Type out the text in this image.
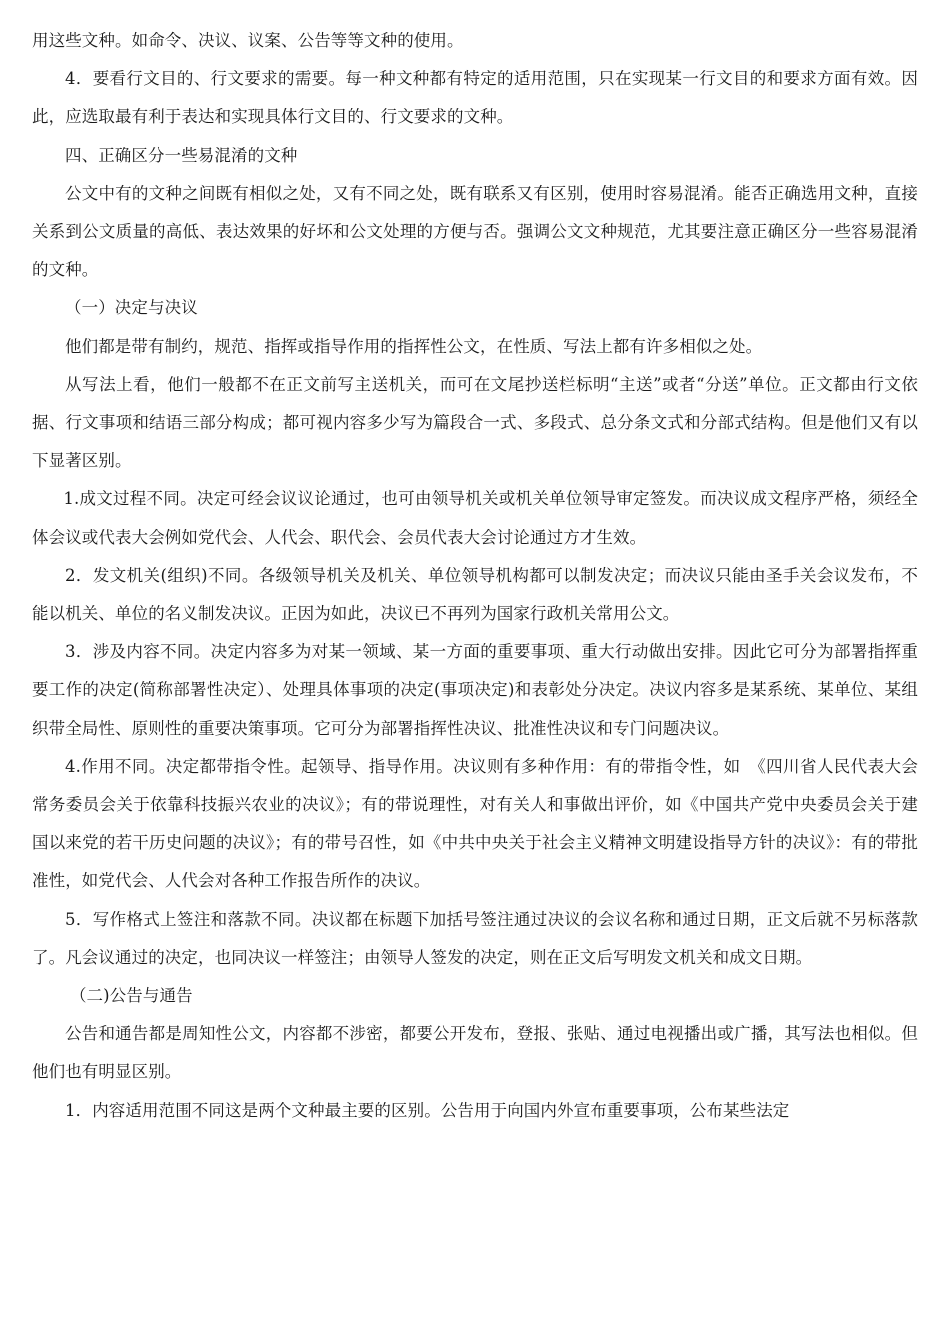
用这些文种。如命令、决议、议案、公告等等文种的使用。

4．要看行文目的、行文要求的需要。每一种文种都有特定的适用范围，只在实现某一行文目的和要求方面有效。因此，应选取最有利于表达和实现具体行文目的、行文要求的文种。

四、正确区分一些易混淆的文种

公文中有的文种之间既有相似之处，又有不同之处，既有联系又有区别，使用时容易混淆。能否正确选用文种，直接关系到公文质量的高低、表达效果的好坏和公文处理的方便与否。强调公文文种规范，尤其要注意正确区分一些容易混淆的文种。

（一）决定与决议

他们都是带有制约，规范、指挥或指导作用的指挥性公文，在性质、写法上都有许多相似之处。

从写法上看，他们一般都不在正文前写主送机关，而可在文尾抄送栏标明“主送”或者“分送”单位。正文都由行文依据、行文事项和结语三部分构成；都可视内容多少写为篇段合一式、多段式、总分条文式和分部式结构。但是他们又有以下显著区别。

1.成文过程不同。决定可经会议议论通过，也可由领导机关或机关单位领导审定签发。而决议成文程序严格，须经全体会议或代表大会例如党代会、人代会、职代会、会员代表大会讨论通过方才生效。

2．发文机关(组织)不同。各级领导机关及机关、单位领导机构都可以制发决定；而决议只能由圣手关会议发布，不能以机关、单位的名义制发决议。正因为如此，决议已不再列为国家行政机关常用公文。

3．涉及内容不同。决定内容多为对某一领域、某一方面的重要事项、重大行动做出安排。因此它可分为部署指挥重要工作的决定(简称部署性决定）、处理具体事项的决定(事项决定)和表彰处分决定。决议内容多是某系统、某单位、某组织带全局性、原则性的重要决策事项。它可分为部署指挥性决议、批准性决议和专门问题决议。

4.作用不同。决定都带指令性。起领导、指导作用。决议则有多种作用：有的带指令性，如　《四川省人民代表大会常务委员会关于依靠科技振兴农业的决议》；有的带说理性，对有关人和事做出评价，如《中国共产党中央委员会关于建国以来党的若干历史问题的决议》；有的带号召性，如《中共中央关于社会主义精神文明建设指导方针的决议》：有的带批准性，如党代会、人代会对各种工作报告所作的决议。

5．写作格式上签注和落款不同。决议都在标题下加括号签注通过决议的会议名称和通过日期，正文后就不另标落款了。凡会议通过的决定，也同决议一样签注；由领导人签发的决定，则在正文后写明发文机关和成文日期。

（二)公告与通告

公告和通告都是周知性公文，内容都不涉密，都要公开发布，登报、张贴、通过电视播出或广播，其写法也相似。但他们也有明显区别。

1．内容适用范围不同这是两个文种最主要的区别。公告用于向国内外宣布重要事项，公布某些法定
